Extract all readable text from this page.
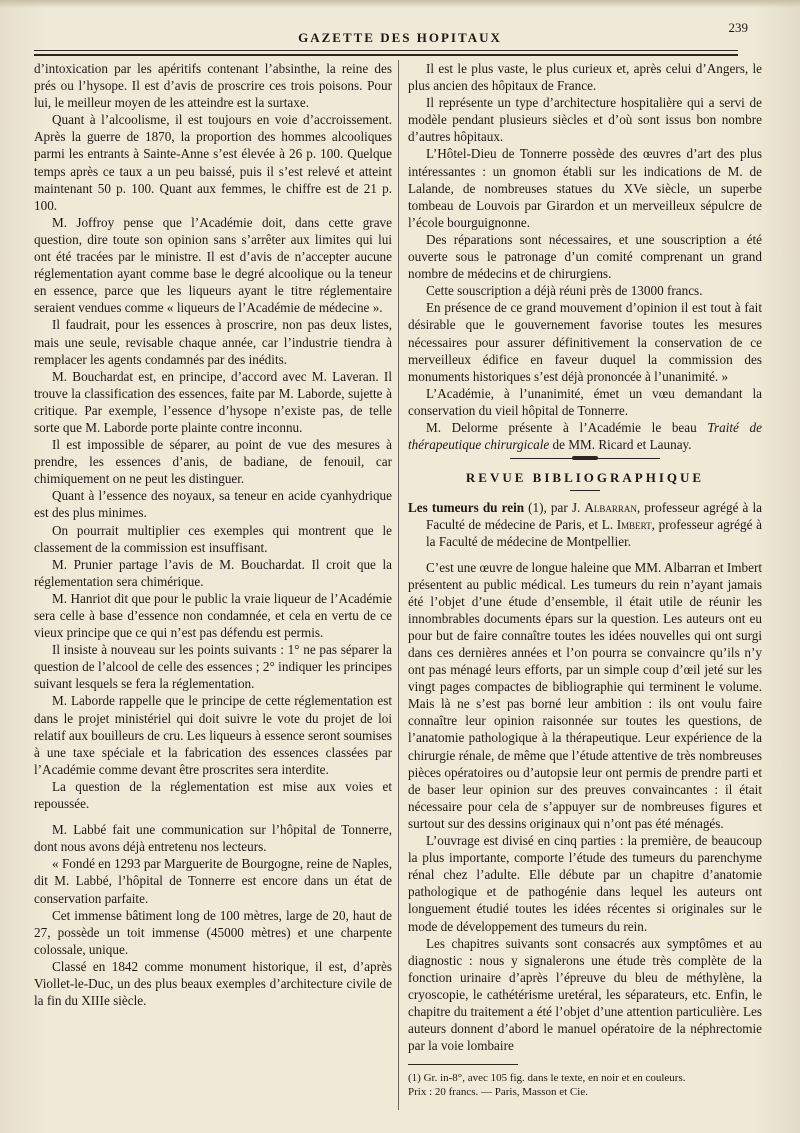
GAZETTE DES HOPITAUX
239

d’intoxication par les apéritifs contenant l’absinthe, la reine des prés ou l’hysope. Il est d’avis de proscrire ces trois poisons. Pour lui, le meilleur moyen de les atteindre est la surtaxe.

Quant à l’alcoolisme, il est toujours en voie d’accroissement. Après la guerre de 1870, la proportion des hommes alcooliques parmi les entrants à Sainte-Anne s’est élevée à 26 p. 100. Quelque temps après ce taux a un peu baissé, puis il s’est relevé et atteint maintenant 50 p. 100. Quant aux femmes, le chiffre est de 21 p. 100.

M. Joffroy pense que l’Académie doit, dans cette grave question, dire toute son opinion sans s’arrêter aux limites qui lui ont été tracées par le ministre. Il est d’avis de n’accepter aucune réglementation ayant comme base le degré alcoolique ou la teneur en essence, parce que les liqueurs ayant le titre réglementaire seraient vendues comme « liqueurs de l’Académie de médecine ».

Il faudrait, pour les essences à proscrire, non pas deux listes, mais une seule, revisable chaque année, car l’industrie tiendra à remplacer les agents condamnés par des inédits.

M. Bouchardat est, en principe, d’accord avec M. Laveran. Il trouve la classification des essences, faite par M. Laborde, sujette à critique. Par exemple, l’essence d’hysope n’existe pas, de telle sorte que M. Laborde porte plainte contre inconnu.

Il est impossible de séparer, au point de vue des mesures à prendre, les essences d’anis, de badiane, de fenouil, car chimiquement on ne peut les distinguer.

Quant à l’essence des noyaux, sa teneur en acide cyanhydrique est des plus minimes.

On pourrait multiplier ces exemples qui montrent que le classement de la commission est insuffisant.

M. Prunier partage l’avis de M. Bouchardat. Il croit que la réglementation sera chimérique.

M. Hanriot dit que pour le public la vraie liqueur de l’Académie sera celle à base d’essence non condamnée, et cela en vertu de ce vieux principe que ce qui n’est pas défendu est permis.

Il insiste à nouveau sur les points suivants : 1° ne pas séparer la question de l’alcool de celle des essences ; 2° indiquer les principes suivant lesquels se fera la réglementation.

M. Laborde rappelle que le principe de cette réglementation est dans le projet ministériel qui doit suivre le vote du projet de loi relatif aux bouilleurs de cru. Les liqueurs à essence seront soumises à une taxe spéciale et la fabrication des essences classées par l’Académie comme devant être proscrites sera interdite.

La question de la réglementation est mise aux voies et repoussée.

M. Labbé fait une communication sur l’hôpital de Tonnerre, dont nous avons déjà entretenu nos lecteurs.

« Fondé en 1293 par Marguerite de Bourgogne, reine de Naples, dit M. Labbé, l’hôpital de Tonnerre est encore dans un état de conservation parfaite.

Cet immense bâtiment long de 100 mètres, large de 20, haut de 27, possède un toit immense (45000 mètres) et une charpente colossale, unique.

Classé en 1842 comme monument historique, il est, d’après Viollet-le-Duc, un des plus beaux exemples d’architecture civile de la fin du XIIIe siècle.

Il est le plus vaste, le plus curieux et, après celui d’Angers, le plus ancien des hôpitaux de France.

Il représente un type d’architecture hospitalière qui a servi de modèle pendant plusieurs siècles et d’où sont issus bon nombre d’autres hôpitaux.

L’Hôtel-Dieu de Tonnerre possède des œuvres d’art des plus intéressantes : un gnomon établi sur les indications de M. de Lalande, de nombreuses statues du XVe siècle, un superbe tombeau de Louvois par Girardon et un merveilleux sépulcre de l’école bourguignonne.

Des réparations sont nécessaires, et une souscription a été ouverte sous le patronage d’un comité comprenant un grand nombre de médecins et de chirurgiens.

Cette souscription a déjà réuni près de 13000 francs.

En présence de ce grand mouvement d’opinion il est tout à fait désirable que le gouvernement favorise toutes les mesures nécessaires pour assurer définitivement la conservation de ce merveilleux édifice en faveur duquel la commission des monuments historiques s’est déjà prononcée à l’unanimité. »

L’Académie, à l’unanimité, émet un vœu demandant la conservation du vieil hôpital de Tonnerre.

M. Delorme présente à l’Académie le beau Traité de thérapeutique chirurgicale de MM. Ricard et Launay.

REVUE BIBLIOGRAPHIQUE

Les tumeurs du rein (1), par J. Albarran, professeur agrégé à la Faculté de médecine de Paris, et L. Imbert, professeur agrégé à la Faculté de médecine de Montpellier.

C’est une œuvre de longue haleine que MM. Albarran et Imbert présentent au public médical. Les tumeurs du rein n’ayant jamais été l’objet d’une étude d’ensemble, il était utile de réunir les innombrables documents épars sur la question. Les auteurs ont eu pour but de faire connaître toutes les idées nouvelles qui ont surgi dans ces dernières années et l’on pourra se convaincre qu’ils n’y ont pas ménagé leurs efforts, par un simple coup d’œil jeté sur les vingt pages compactes de bibliographie qui terminent le volume. Mais là ne s’est pas borné leur ambition : ils ont voulu faire connaître leur opinion raisonnée sur toutes les questions, de l’anatomie pathologique à la thérapeutique. Leur expérience de la chirurgie rénale, de même que l’étude attentive de très nombreuses pièces opératoires ou d’autopsie leur ont permis de prendre parti et de baser leur opinion sur des preuves convaincantes : il était nécessaire pour cela de s’appuyer sur de nombreuses figures et surtout sur des dessins originaux qui n’ont pas été ménagés.

L’ouvrage est divisé en cinq parties : la première, de beaucoup la plus importante, comporte l’étude des tumeurs du parenchyme rénal chez l’adulte. Elle débute par un chapitre d’anatomie pathologique et de pathogénie dans lequel les auteurs ont longuement étudié toutes les idées récentes si originales sur le mode de développement des tumeurs du rein.

Les chapitres suivants sont consacrés aux symptômes et au diagnostic : nous y signalerons une étude très complète de la fonction urinaire d’après l’épreuve du bleu de méthylène, la cryoscopie, le cathétérisme uretéral, les séparateurs, etc. Enfin, le chapitre du traitement a été l’objet d’une attention particulière. Les auteurs donnent d’abord le manuel opératoire de la néphrectomie par la voie lombaire

(1) Gr. in-8°, avec 105 fig. dans le texte, en noir et en couleurs.
Prix : 20 francs. — Paris, Masson et Cie.
